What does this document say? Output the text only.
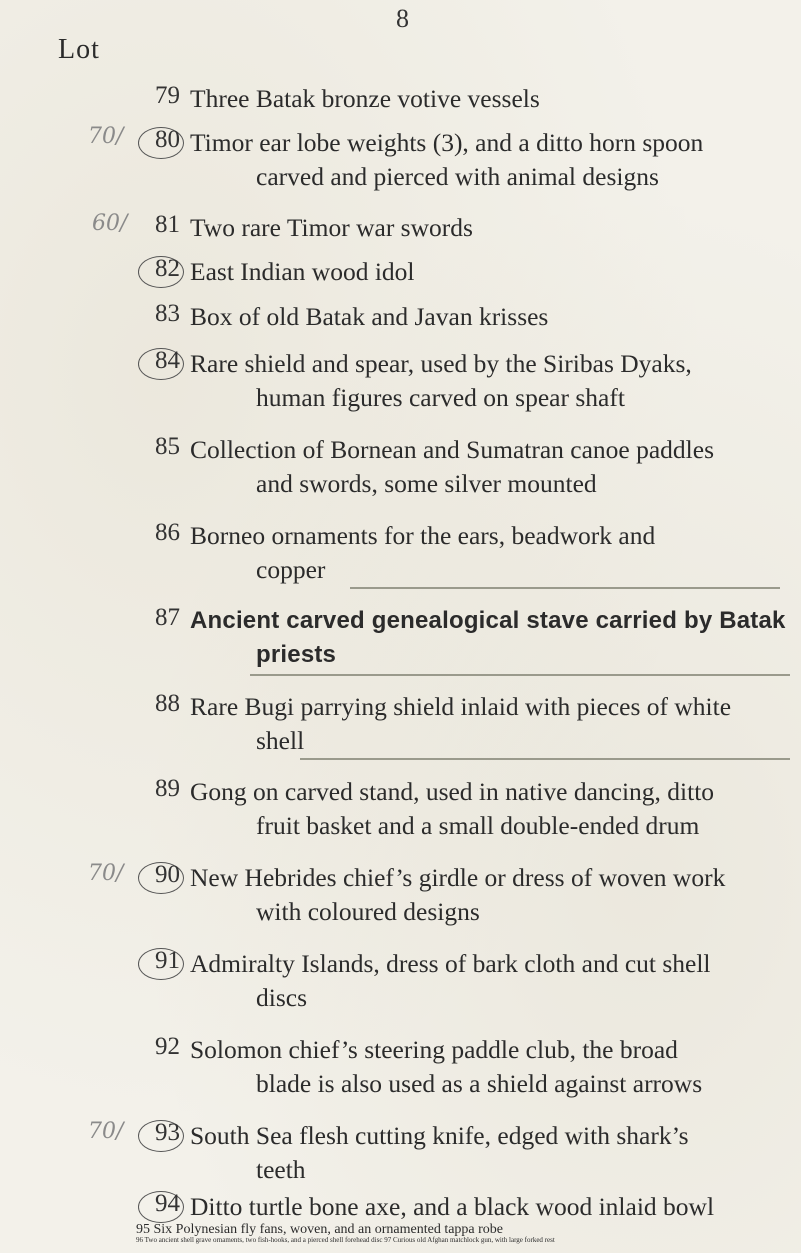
8
Lot
79 Three Batak bronze votive vessels
80 Timor ear lobe weights (3), and a ditto horn spoon
carved and pierced with animal designs
70/
81 Two rare Timor war swords
60/
82 East Indian wood idol
83 Box of old Batak and Javan krisses
84 Rare shield and spear, used by the Siribas Dyaks,
human figures carved on spear shaft
85 Collection of Bornean and Sumatran canoe paddles
and swords, some silver mounted
86 Borneo ornaments for the ears, beadwork and
copper
87 Ancient carved genealogical stave carried by Batak
priests
88 Rare Bugi parrying shield inlaid with pieces of white
shell
89 Gong on carved stand, used in native dancing, ditto
fruit basket and a small double-ended drum
90 New Hebrides chief’s girdle or dress of woven work
with coloured designs
70/
91 Admiralty Islands, dress of bark cloth and cut shell
discs
92 Solomon chief’s steering paddle club, the broad
blade is also used as a shield against arrows
93 South Sea flesh cutting knife, edged with shark’s
teeth
70/
94 Ditto turtle bone axe, and a black wood inlaid bowl
95 Six Polynesian fly fans, woven, and an ornamented tappa robe
96 Two ancient shell grave ornaments, two fish-hooks, and a pierced shell forehead disc 97 Curious old Afghan matchlock gun, with large forked rest
